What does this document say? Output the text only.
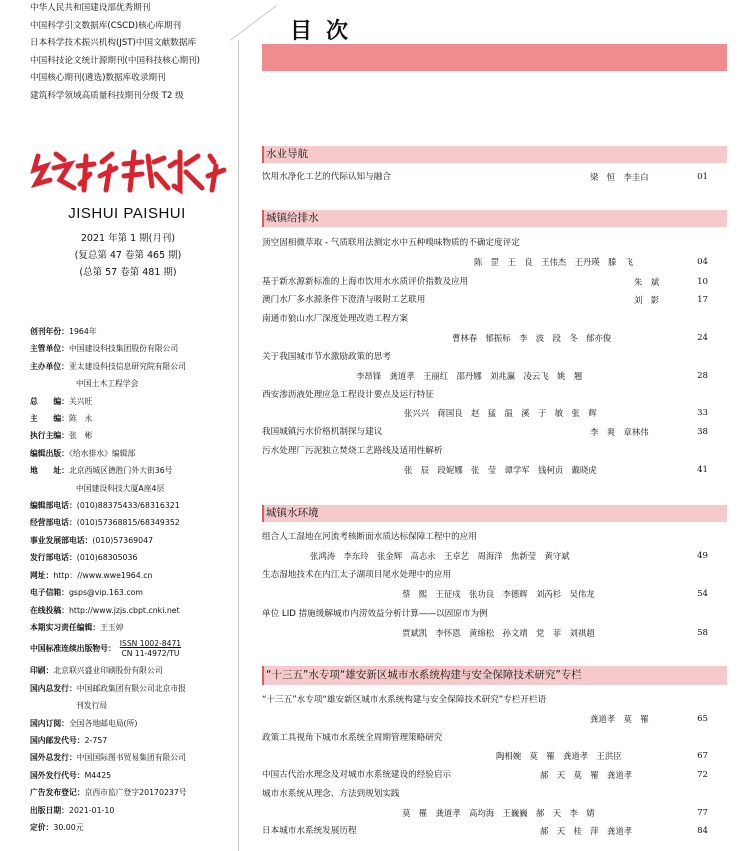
中华人民共和国建设部优秀期刊
中国科学引文数据库(CSCD)核心库期刊
日本科学技术振兴机构(JST)中国文献数据库
中国科技论文统计源期刊(中国科技核心期刊)
中国核心期刊(遴选)数据库收录期刊
建筑科学领域高质量科技期刊分级 T2 级
JISHUI PAISHUI
2021 年第 1 期(月刊)
(复总第 47 卷第 465 期)
(总第 57 卷第 481 期)
创刊年份：1964年
主管单位：中国建设科技集团股份有限公司
主办单位：亚太建设科技信息研究院有限公司
中国土木工程学会
总　　编：关兴旺
主　　编：陈　永
执行主编：张　彬
编辑出版：《给水排水》编辑部
地　　址：北京西城区德胜门外大街36号
中国建设科技大厦A座4层
编辑部电话：(010)88375433/68316321
经营部电话：(010)57368815/68349352
事业发展部电话：(010)57369047
发行部电话：(010)68305036
网址：http：//www.wwe1964.cn
电子信箱：gsps@vip.163.com
在线投稿：http://www.jzjs.cbpt.cnki.net
本期实习责任编辑：王玉婷
中国标准连续出版物号：
ISSN 1002-8471
CN 11-4972/TU
印刷：北京联兴盛业印刷股份有限公司
国内总发行：中国邮政集团有限公司北京市报
刊发行局
国内订阅：全国各地邮电局(所)
国内邮发代号：2-757
国外总发行：中国国际图书贸易集团有限公司
国外发行代号：M4425
广告发布登记：京西市监广登字20170237号
出版日期：2021-01-10
定价：30.00元
目次
水业导航
城镇给排水
城镇水环境
“十三五”水专项“雄安新区城市水系统构建与安全保障技术研究”专栏
饮用水净化工艺的代际认知与融合	梁　恒　李圭白	01
顶空固相微萃取 - 气质联用法测定水中五种嗅味物质的不确定度评定
陈　罡　王　良　王伟杰　王丹瑛　滕　飞	04
基于新水源新标准的上海市饮用水水质评价指数及应用	朱　斌	10
澳门水厂多水源条件下澄清与吸附工艺联用	刘　影	17
南通市狼山水厂深度处理改造工程方案
曹林春　郁振标　李　波　段　冬　郁亦俊	24
关于我国城市节水激励政策的思考
李昂锋　龚道孝　王丽红　邵丹娜　刘兆瀛　凌云飞　姚　翘	28
西安渗沥液处理应急工程设计要点及运行特征
张兴兴　蒋国良　赵　猛　温　溪　于　敏　张　辉	33
我国城镇污水价格机制探与建议	李　爽　章林伟	38
污水处理厂污泥独立焚烧工艺路线及适用性解析
张　辰　段妮娜　张　莹　谭学军　钱柯贞　戴晓虎	41
组合人工湿地在河流考核断面水质达标保障工程中的应用
张鸿涛　李东玲　张金辉　高志永　王卓艺　周海洋　焦新莹　黄守斌	49
生态湿地技术在内江太子湖项目尾水处理中的应用
蔡　熙　王征戍　张功良　李德辉　刘芮杉　吴伟龙	54
单位 LID 措施缓解城市内涝效益分析计算——以固原市为例
贾斌凯　李怀恩　黄绵松　孙文靖　党　菲　刘祺超	58
“十三五”水专项“雄安新区城市水系统构建与安全保障技术研究”专栏开栏语
龚道孝　莫　罹	65
政策工具视角下城市水系统全周期管理策略研究
陶相婉　莫　罹　龚道孝　王洪臣	67
中国古代治水理念及对城市水系统建设的经验启示	郝　天　莫　罹　龚道孝	72
城市水系统从理念、方法到规划实践
莫　罹　龚道孝　高均海　王巍巍　郝　天　李　婧	77
日本城市水系统发展历程	郝　天　桂　萍　龚道孝	84
